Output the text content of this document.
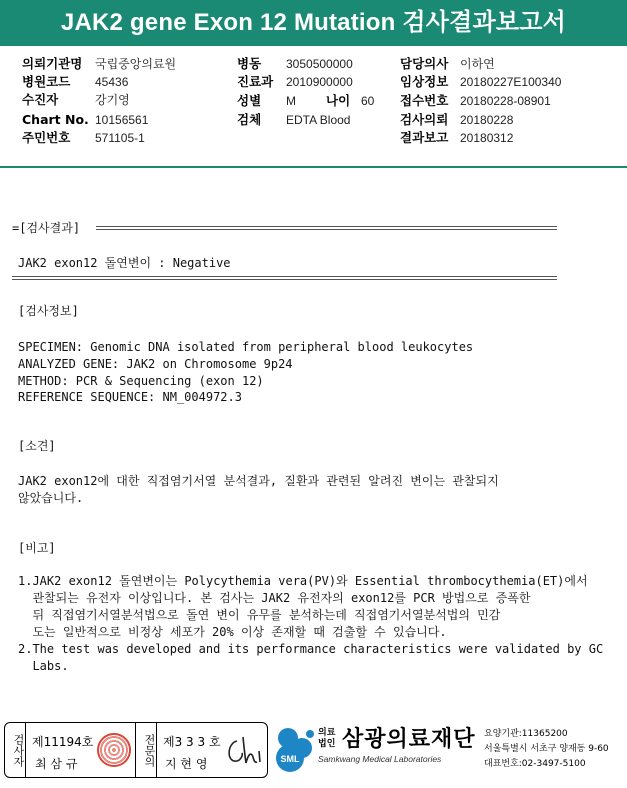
JAK2 gene Exon 12 Mutation 검사결과보고서
의뢰기관명 국립중앙의료원
병원코드 45436
수진자	강기영
Chart No. 10156561
주민번호 571105-1
병동 3050500000
진료과 2010900000
성별 M 나이 60
검체 EDTA Blood
담당의사 이하연
임상정보 20180227E100340
접수번호 20180228-08901
검사의뢰 20180228
결과보고 20180312
=[검사결과]
JAK2 exon12 돌연변이 : Negative
[검사정보]
SPECIMEN: Genomic DNA isolated from peripheral blood leukocytes
ANALYZED GENE: JAK2 on Chromosome 9p24
METHOD: PCR & Sequencing (exon 12)
REFERENCE SEQUENCE: NM_004972.3
[소견]
JAK2 exon12에 대한 직접염기서열 분석결과, 질환과 관련된 알려진 변이는 관찰되지
않았습니다.
[비고]
1.JAK2 exon12 돌연변이는 Polycythemia vera(PV)와 Essential thrombocythemia(ET)에서
관찰되는 유전자 이상입니다. 본 검사는 JAK2 유전자의 exon12를 PCR 방법으로 증폭한
뒤 직접염기서열분석법으로 돌연 변이 유무를 분석하는데 직접염기서열분석법의 민감
도는 일반적으로 비정상 세포가 20% 이상 존재할 때 검출할 수 있습니다.
2.The test was developed and its performance characteristics were validated by GC
Labs.
검사자 제11194호
최 삼 규	전문의 제3 3 3 호
지 현 영	SML
의료
법인 삼광의료재단
Samkwang Medical Laboratories
요양기관:11365200
서울특별시 서초구 양재동 9-60
대표번호:02-3497-5100
